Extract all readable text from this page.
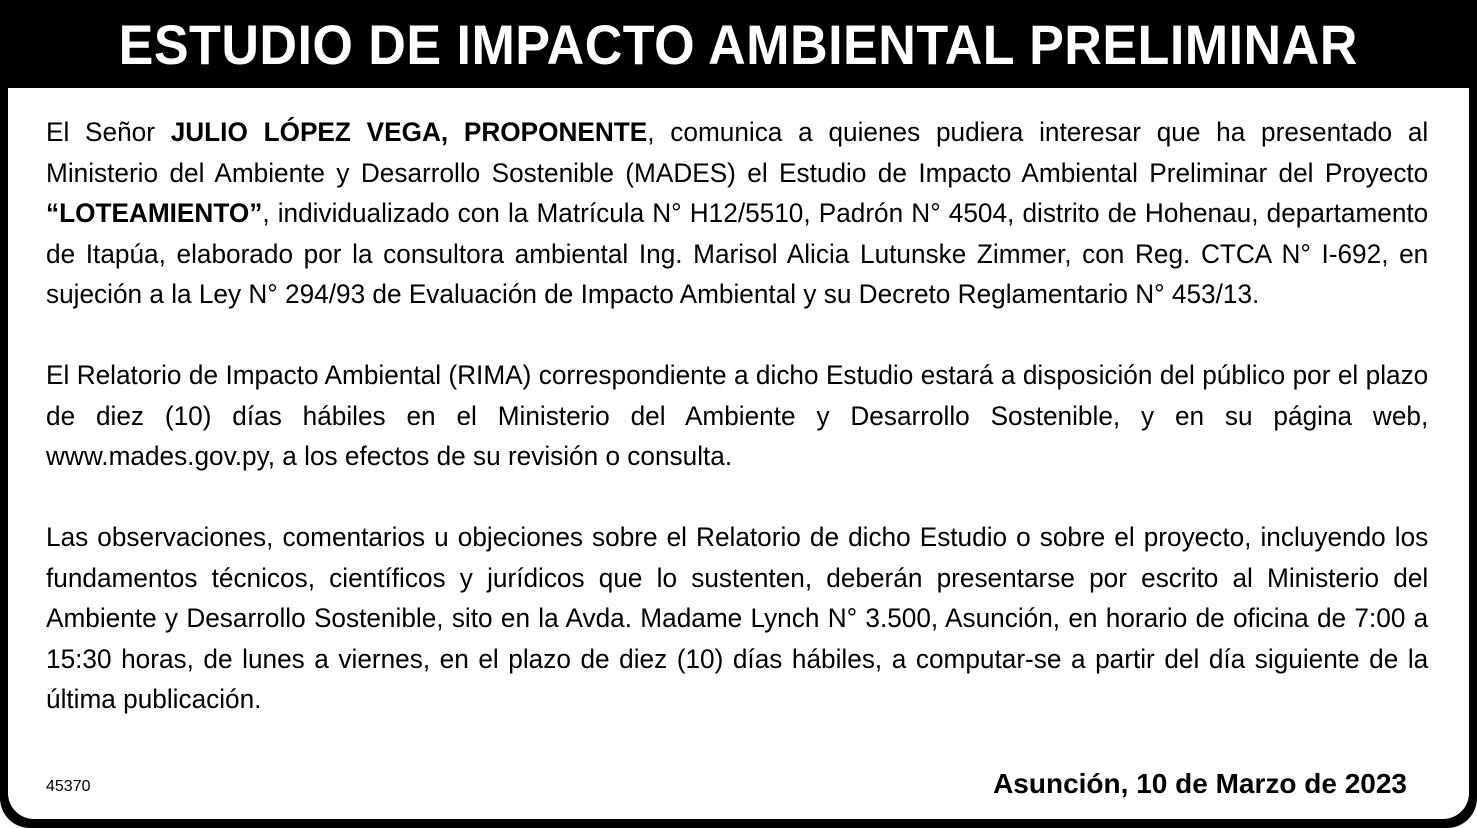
ESTUDIO DE IMPACTO AMBIENTAL PRELIMINAR

El Señor JULIO LÓPEZ VEGA, PROPONENTE, comunica a quienes pudiera interesar que ha presentado al Ministerio del Ambiente y Desarrollo Sostenible (MADES) el Estudio de Impacto Ambiental Preliminar del Proyecto “LOTEAMIENTO”, individualizado con la Matrícula N° H12/5510, Padrón N° 4504, distrito de Hohenau, departamento de Itapúa, elaborado por la consultora ambiental Ing. Marisol Alicia Lutunske Zimmer, con Reg. CTCA N° I-692, en sujeción a la Ley N° 294/93 de Evaluación de Impacto Ambiental y su Decreto Reglamentario N° 453/13.

El Relatorio de Impacto Ambiental (RIMA) correspondiente a dicho Estudio estará a disposición del público por el plazo de diez (10) días hábiles en el Ministerio del Ambiente y Desarrollo Sostenible, y en su página web, www.mades.gov.py, a los efectos de su revisión o consulta.

Las observaciones, comentarios u objeciones sobre el Relatorio de dicho Estudio o sobre el proyecto, incluyendo los fundamentos técnicos, científicos y jurídicos que lo sustenten, deberán presentarse por escrito al Ministerio del Ambiente y Desarrollo Sostenible, sito en la Avda. Madame Lynch N° 3.500, Asunción, en horario de oficina de 7:00 a 15:30 horas, de lunes a viernes, en el plazo de diez (10) días hábiles, a computar-se a partir del día siguiente de la última publicación.

45370	Asunción, 10 de Marzo de 2023
